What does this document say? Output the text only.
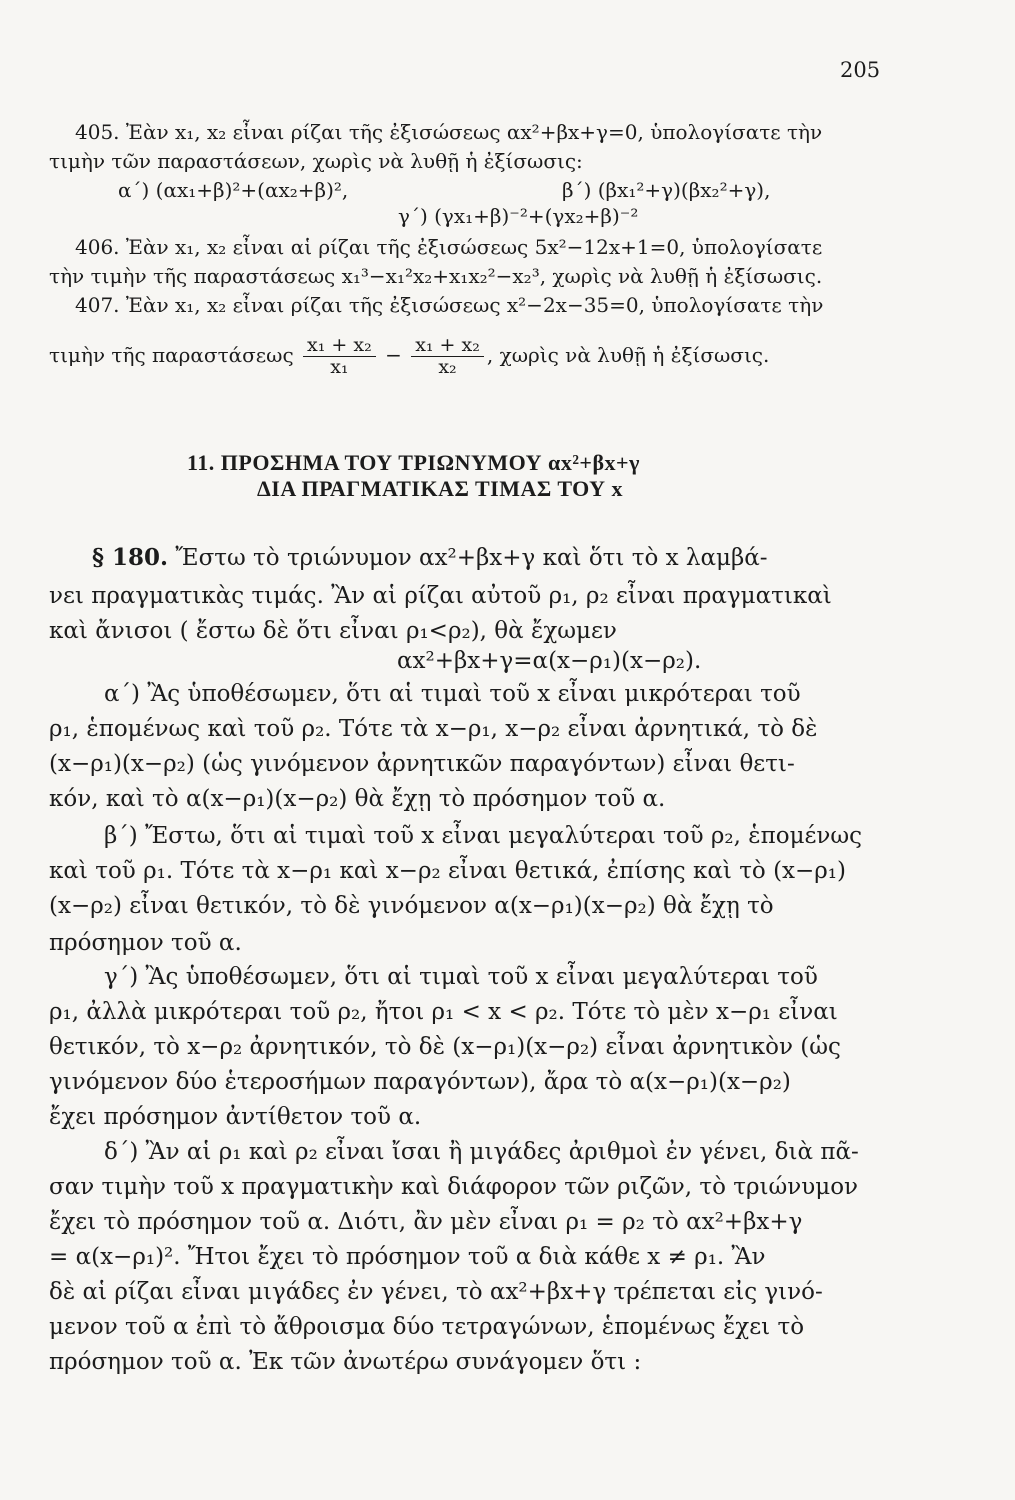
205
405. Ἐὰν x₁, x₂ εἶναι ρίζαι τῆς ἐξισώσεως αx²+βx+γ=0, ὑπολογίσατε τὴν
τιμὴν τῶν παραστάσεων, χωρὶς νὰ λυθῇ ἡ ἐξίσωσις:
α΄) (αx₁+β)²+(αx₂+β)²,	β΄) (βx₁²+γ)(βx₂²+γ),
γ΄) (γx₁+β)⁻²+(γx₂+β)⁻²
406. Ἐὰν x₁, x₂ εἶναι αἱ ρίζαι τῆς ἐξισώσεως 5x²−12x+1=0, ὑπολογίσατε
τὴν τιμὴν τῆς παραστάσεως x₁³−x₁²x₂+x₁x₂²−x₂³, χωρὶς νὰ λυθῇ ἡ ἐξίσωσις.
407. Ἐὰν x₁, x₂ εἶναι ρίζαι τῆς ἐξισώσεως x²−2x−35=0, ὑπολογίσατε τὴν
τιμὴν τῆς παραστάσεως $\frac{\text{x₁ + x₂}}{\text{x₁}} - \frac{\text{x₁ + x₂}}{\text{x₂}}$ , χωρὶς νὰ λυθῇ ἡ ἐξίσωσις.
11. ΠΡΟΣΗΜΑ ΤΟΥ ΤΡΙΩΝΥΜΟΥ αx²+βx+γ
ΔΙΑ ΠΡΑΓΜΑΤΙΚΑΣ ΤΙΜΑΣ ΤΟΥ x
§ 180. Ἔστω τὸ τριώνυμον αx²+βx+γ καὶ ὅτι τὸ x λαμβά-
νει πραγματικὰς τιμάς. Ἂν αἱ ρίζαι αὐτοῦ ρ₁, ρ₂ εἶναι πραγματικαὶ
καὶ ἄνισοι ( ἔστω δὲ ὅτι εἶναι ρ₁<ρ₂), θὰ ἔχωμεν
αx²+βx+γ=α(x−ρ₁)(x−ρ₂).
α΄) Ἂς ὑποθέσωμεν, ὅτι αἱ τιμαὶ τοῦ x εἶναι μικρότεραι τοῦ
ρ₁, ἑπομένως καὶ τοῦ ρ₂. Τότε τὰ x−ρ₁, x−ρ₂ εἶναι ἀρνητικά, τὸ δὲ
(x−ρ₁)(x−ρ₂) (ὡς γινόμενον ἀρνητικῶν παραγόντων) εἶναι θετι-
κόν, καὶ τὸ α(x−ρ₁)(x−ρ₂) θὰ ἔχῃ τὸ πρόσημον τοῦ α.
β΄) Ἔστω, ὅτι αἱ τιμαὶ τοῦ x εἶναι μεγαλύτεραι τοῦ ρ₂, ἑπομένως
καὶ τοῦ ρ₁. Τότε τὰ x−ρ₁ καὶ x−ρ₂ εἶναι θετικά, ἐπίσης καὶ τὸ (x−ρ₁)
(x−ρ₂) εἶναι θετικόν, τὸ δὲ γινόμενον α(x−ρ₁)(x−ρ₂) θὰ ἔχῃ τὸ
πρόσημον τοῦ α.
γ΄) Ἂς ὑποθέσωμεν, ὅτι αἱ τιμαὶ τοῦ x εἶναι μεγαλύτεραι τοῦ
ρ₁, ἀλλὰ μικρότεραι τοῦ ρ₂, ἤτοι ρ₁ < x < ρ₂. Τότε τὸ μὲν x−ρ₁ εἶναι
θετικόν, τὸ x−ρ₂ ἀρνητικόν, τὸ δὲ (x−ρ₁)(x−ρ₂) εἶναι ἀρνητικὸν (ὡς
γινόμενον δύο ἑτεροσήμων παραγόντων), ἄρα τὸ α(x−ρ₁)(x−ρ₂)
ἔχει πρόσημον ἀντίθετον τοῦ α.
δ΄) Ἂν αἱ ρ₁ καὶ ρ₂ εἶναι ἴσαι ἢ μιγάδες ἀριθμοὶ ἐν γένει, διὰ πᾶ-
σαν τιμὴν τοῦ x πραγματικὴν καὶ διάφορον τῶν ριζῶν, τὸ τριώνυμον
ἔχει τὸ πρόσημον τοῦ α. Διότι, ἂν μὲν εἶναι ρ₁ = ρ₂ τὸ αx²+βx+γ
= α(x−ρ₁)². Ἤτοι ἔχει τὸ πρόσημον τοῦ α διὰ κάθε x ≠ ρ₁. Ἂν
δὲ αἱ ρίζαι εἶναι μιγάδες ἐν γένει, τὸ αx²+βx+γ τρέπεται εἰς γινό-
μενον τοῦ α ἐπὶ τὸ ἄθροισμα δύο τετραγώνων, ἑπομένως ἔχει τὸ
πρόσημον τοῦ α. Ἐκ τῶν ἀνωτέρω συνάγομεν ὅτι :
